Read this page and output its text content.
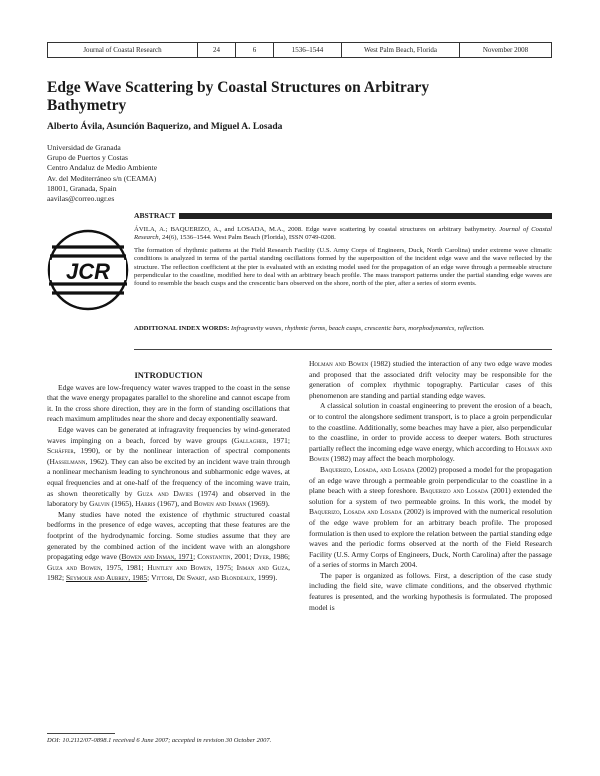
Journal of Coastal Research	24	6	1536–1544	West Palm Beach, Florida	November 2008
Edge Wave Scattering by Coastal Structures on Arbitrary Bathymetry
Alberto Ávila, Asunción Baquerizo, and Miguel A. Losada
Universidad de Granada
Grupo de Puertos y Costas
Centro Andaluz de Medio Ambiente
Av. del Mediterráneo s/n (CEAMA)
18001, Granada, Spain
aavilas@correo.ugr.es
ABSTRACT
JCR

ÁVILA, A.; BAQUERIZO, A., and LOSADA, M.A., 2008. Edge wave scattering by coastal structures on arbitrary bathymetry. Journal of Coastal Research, 24(6), 1536–1544. West Palm Beach (Florida), ISSN 0749-0208.

The formation of rhythmic patterns at the Field Research Facility (U.S. Army Corps of Engineers, Duck, North Carolina) under extreme wave climatic conditions is analyzed in terms of the partial standing oscillations formed by the superposition of the incident edge wave and the wave reflected by the structure. The reflection coefficient at the pier is evaluated with an existing model used for the propagation of an edge wave through a permeable structure perpendicular to the coastline, modified here to deal with an arbitrary beach profile. The mass transport patterns under the partial standing edge waves are found to resemble the beach cusps and the crescentic bars observed on the shore, north of the pier, after a series of storm events.

ADDITIONAL INDEX WORDS: Infragravity waves, rhythmic forms, beach cusps, crescentic bars, morphodynamics, reflection.
INTRODUCTION

Edge waves are low-frequency water waves trapped to the coast in the sense that the wave energy propagates parallel to the shoreline and cannot escape from it. In the cross shore direction, they are in the form of standing oscillations that reach maximum amplitudes near the shore and decay exponentially seaward.

Edge waves can be generated at infragravity frequencies by wind-generated waves impinging on a beach, forced by wave groups (Gallagher, 1971; Schäffer, 1990), or by the nonlinear interaction of spectral components (Hasselmann, 1962). They can also be excited by an incident wave train through a nonlinear mechanism leading to synchronous and subharmonic edge waves, at equal frequencies and at one-half of the frequency of the incoming wave train, as shown theoretically by Guza and Davies (1974) and observed in the laboratory by Galvin (1965), Harris (1967), and Bowen and Inman (1969).

Many studies have noted the existence of rhythmic structured coastal bedforms in the presence of edge waves, accepting that these features are the footprint of the hydrodynamic forcing. Some studies assume that they are generated by the combined action of the incident wave with an alongshore propagating edge wave (Bowen and Inman, 1971; Constantin, 2001; Dyer, 1986; Guza and Bowen, 1975, 1981; Huntley and Bowen, 1975; Inman and Guza, 1982; Seymour and Aubrey, 1985; Vittori, De Swart, and Blondeaux, 1999).

Holman and Bowen (1982) studied the interaction of any two edge wave modes and proposed that the associated drift velocity may be responsible for the generation of complex rhythmic topography. Particular cases of this phenomenon are standing and partial standing edge waves.

A classical solution in coastal engineering to prevent the erosion of a beach, or to control the alongshore sediment transport, is to place a groin perpendicular to the coastline. Additionally, some beaches may have a pier, also perpendicular to the coastline, in order to provide access to deeper waters. Both structures partially reflect the incoming edge wave energy, which according to Holman and Bowen (1982) may affect the beach morphology.

Baquerizo, Losada, and Losada (2002) proposed a model for the propagation of an edge wave through a permeable groin perpendicular to the coastline in a plane beach with a steep foreshore. Baquerizo and Losada (2001) extended the solution for a system of two permeable groins. In this work, the model by Baquerizo, Losada and Losada (2002) is improved with the numerical resolution of the edge wave problem for an arbitrary beach profile. The proposed formulation is then used to explore the relation between the partial standing edge waves and the periodic forms observed at the north of the Field Research Facility (U.S. Army Corps of Engineers, Duck, North Carolina) after the passage of a series of storms in March 2004.

The paper is organized as follows. First, a description of the case study including the field site, wave climate conditions, and the observed rhythmic features is presented, and the working hypothesis is formulated. The proposed model is

DOI: 10.2112/07-0898.1 received 6 June 2007; accepted in revision 30 October 2007.
